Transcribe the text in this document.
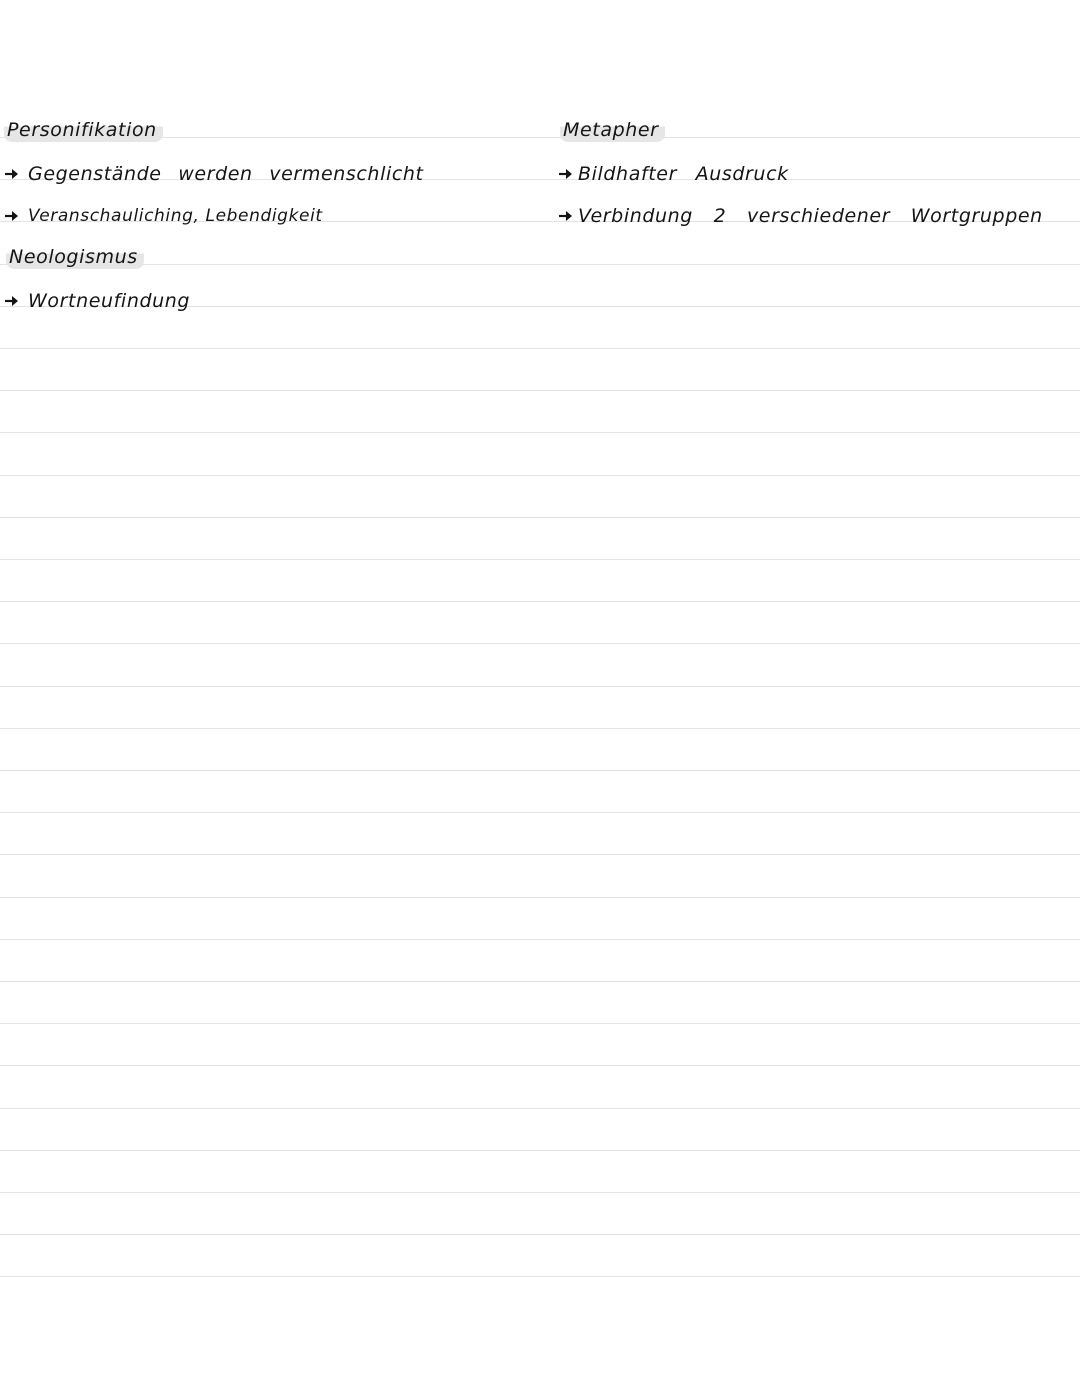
Personifikation
Gegenstände werden vermenschlicht
Veranschauliching, Lebendigkeit
Neologismus
Wortneufindung
Metapher
Bildhafter Ausdruck
Verbindung 2 verschiedener Wortgruppen
